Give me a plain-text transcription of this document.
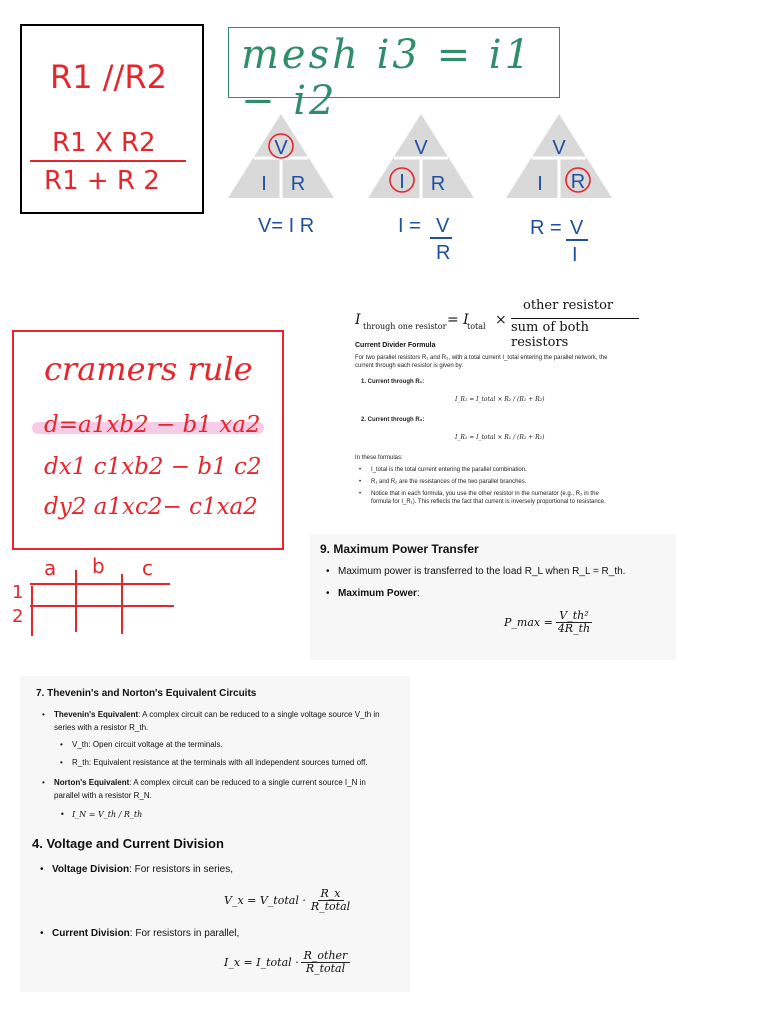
R1 //R2
R1 X R2
R1 + R 2
mesh i3 = i1 − i2
V
I R
V= I R
V
I R
I = V
R
V
I R
R = V
I
cramers rule
d=a1xb2 − b1 xa2
dx1 c1xb2 − b1 c2
dy2 a1xc2− c1xa2
a b c
1
2
I through one resistor = I
total ×
other resistor
sum of both resistors
Current Divider Formula
For two parallel resistors R₁ and R₂, with a total current I_total entering the parallel network, the current through each resistor is given by:
1. Current through R₁:
I_R₁ = I_total × R₂ / (R₁ + R₂)
2. Current through R₂:
I_R₂ = I_total × R₁ / (R₁ + R₂)
In these formulas:
• I_total is the total current entering the parallel combination.
• R₁ and R₂ are the resistances of the two parallel branches.
• Notice that in each formula, you use the other resistor in the numerator (e.g., R₂ in the formula for I_R₁). This reflects the fact that current is inversely proportional to resistance.
9. Maximum Power Transfer
• Maximum power is transferred to the load R_L when R_L = R_th.
• Maximum Power:
P_max = $\frac{\text{V\_th²}}{4R\_th}$
7. Thevenin's and Norton's Equivalent Circuits
• Thevenin's Equivalent: A complex circuit can be reduced to a single voltage source V_th in series with a resistor R_th.
• V_th: Open circuit voltage at the terminals.
• R_th: Equivalent resistance at the terminals with all independent sources turned off.
• Norton's Equivalent: A complex circuit can be reduced to a single current source I_N in parallel with a resistor R_N.
• I_N = V_th / R_th
4. Voltage and Current Division
• Voltage Division: For resistors in series,
V_x = V_total · $\frac{R\_x}{\text{R\_total}}$
• Current Division: For resistors in parallel,
I_x = I_total · $\frac{\text{R\_other}}{\text{R\_total}}$
